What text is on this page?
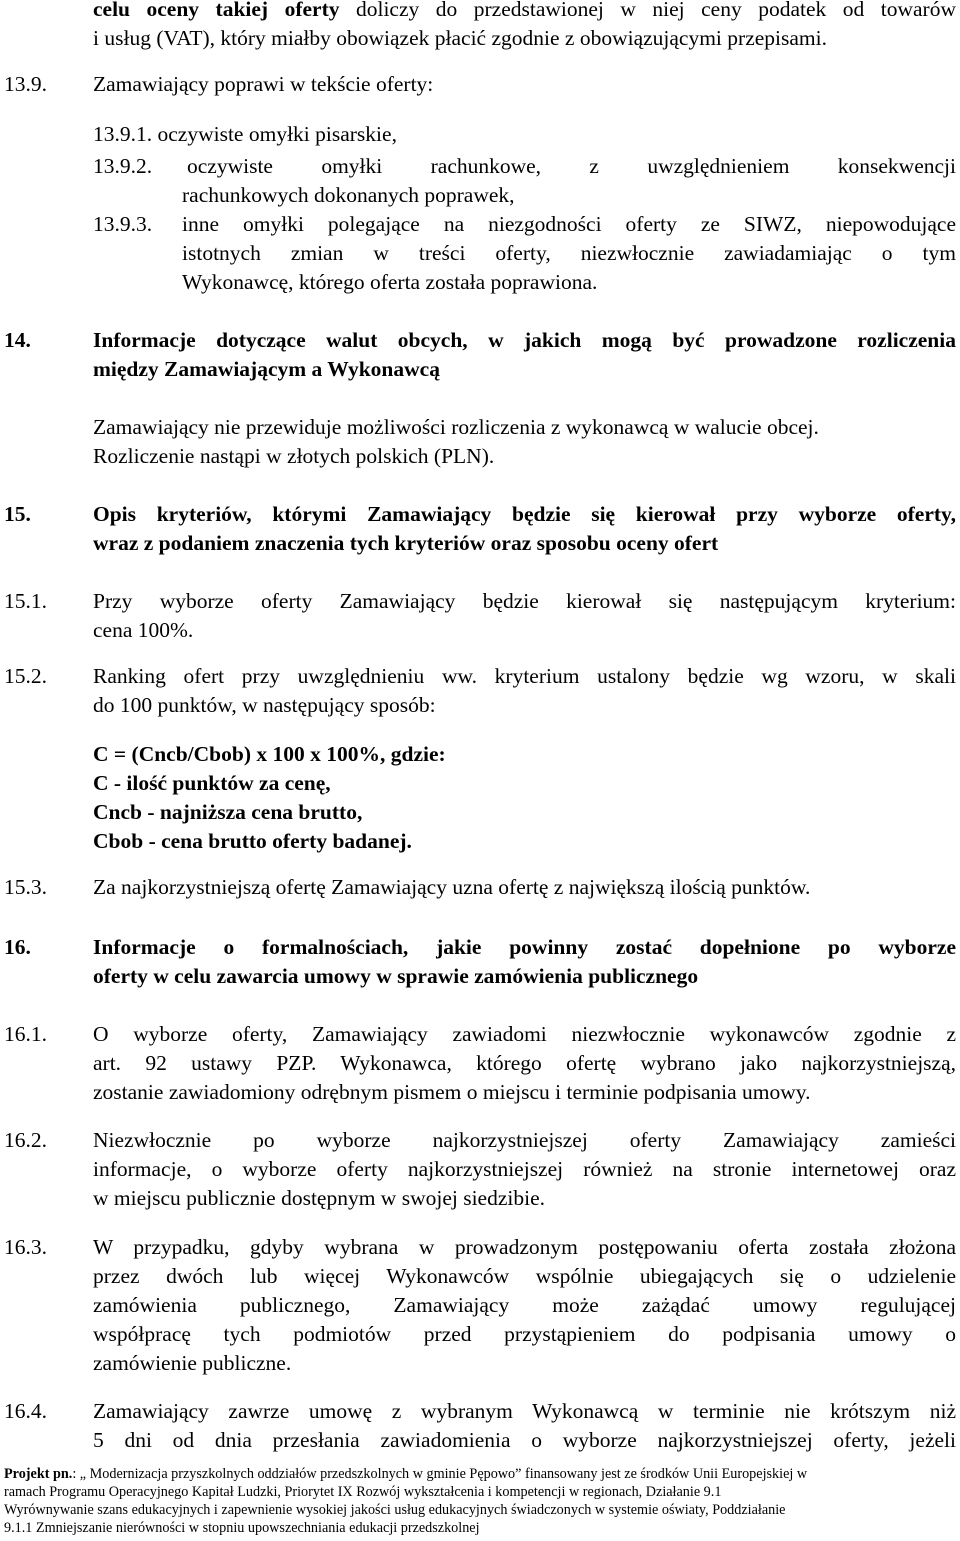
celu oceny takiej oferty doliczy do przedstawionej w niej ceny podatek od towarów
i usług (VAT), który miałby obowiązek płacić zgodnie z obowiązującymi przepisami.
13.9. Zamawiający poprawi w tekście oferty:
13.9.1. oczywiste omyłki pisarskie,
13.9.2. oczywiste omyłki rachunkowe, z uwzględnieniem konsekwencji
rachunkowych dokonanych poprawek,
13.9.3. inne omyłki polegające na niezgodności oferty ze SIWZ, niepowodujące
istotnych zmian w treści oferty, niezwłocznie zawiadamiając o tym
Wykonawcę, którego oferta została poprawiona.
14.	Informacje dotyczące walut obcych, w jakich mogą być prowadzone rozliczenia
między Zamawiającym a Wykonawcą
Zamawiający nie przewiduje możliwości rozliczenia z wykonawcą w walucie obcej.
Rozliczenie nastąpi w złotych polskich (PLN).
15.	Opis kryteriów, którymi Zamawiający będzie się kierował przy wyborze oferty,
wraz z podaniem znaczenia tych kryteriów oraz sposobu oceny ofert
15.1. Przy wyborze oferty Zamawiający będzie kierował się następującym kryterium:
cena 100%.
15.2. Ranking ofert przy uwzględnieniu ww. kryterium ustalony będzie wg wzoru, w skali
do 100 punktów, w następujący sposób:
C = (Cncb/Cbob) x 100 x 100%, gdzie:
C - ilość punktów za cenę,
Cncb - najniższa cena brutto,
Cbob - cena brutto oferty badanej.
15.3. Za najkorzystniejszą ofertę Zamawiający uzna ofertę z największą ilością punktów.
16.	Informacje o formalnościach, jakie powinny zostać dopełnione po wyborze
oferty w celu zawarcia umowy w sprawie zamówienia publicznego
16.1. O wyborze oferty, Zamawiający zawiadomi niezwłocznie wykonawców zgodnie z
art. 92 ustawy PZP. Wykonawca, którego ofertę wybrano jako najkorzystniejszą,
zostanie zawiadomiony odrębnym pismem o miejscu i terminie podpisania umowy.
16.2. Niezwłocznie po wyborze najkorzystniejszej oferty Zamawiający zamieści
informacje, o wyborze oferty najkorzystniejszej również na stronie internetowej oraz
w miejscu publicznie dostępnym w swojej siedzibie.
16.3. W przypadku, gdyby wybrana w prowadzonym postępowaniu oferta została złożona
przez dwóch lub więcej Wykonawców wspólnie ubiegających się o udzielenie
zamówienia publicznego, Zamawiający może zażądać umowy regulującej
współpracę tych podmiotów przed przystąpieniem do podpisania umowy o
zamówienie publiczne.
16.4. Zamawiający zawrze umowę z wybranym Wykonawcą w terminie nie krótszym niż
5 dni od dnia przesłania zawiadomienia o wyborze najkorzystniejszej oferty, jeżeli
Projekt pn.: „ Modernizacja przyszkolnych oddziałów przedszkolnych w gminie Pępowo” finansowany jest ze środków Unii Europejskiej w
ramach Programu Operacyjnego Kapitał Ludzki, Priorytet IX Rozwój wykształcenia i kompetencji w regionach, Działanie 9.1
Wyrównywanie szans edukacyjnych i zapewnienie wysokiej jakości usług edukacyjnych świadczonych w systemie oświaty, Poddziałanie
9.1.1 Zmniejszanie nierówności w stopniu upowszechniania edukacji przedszkolnej
